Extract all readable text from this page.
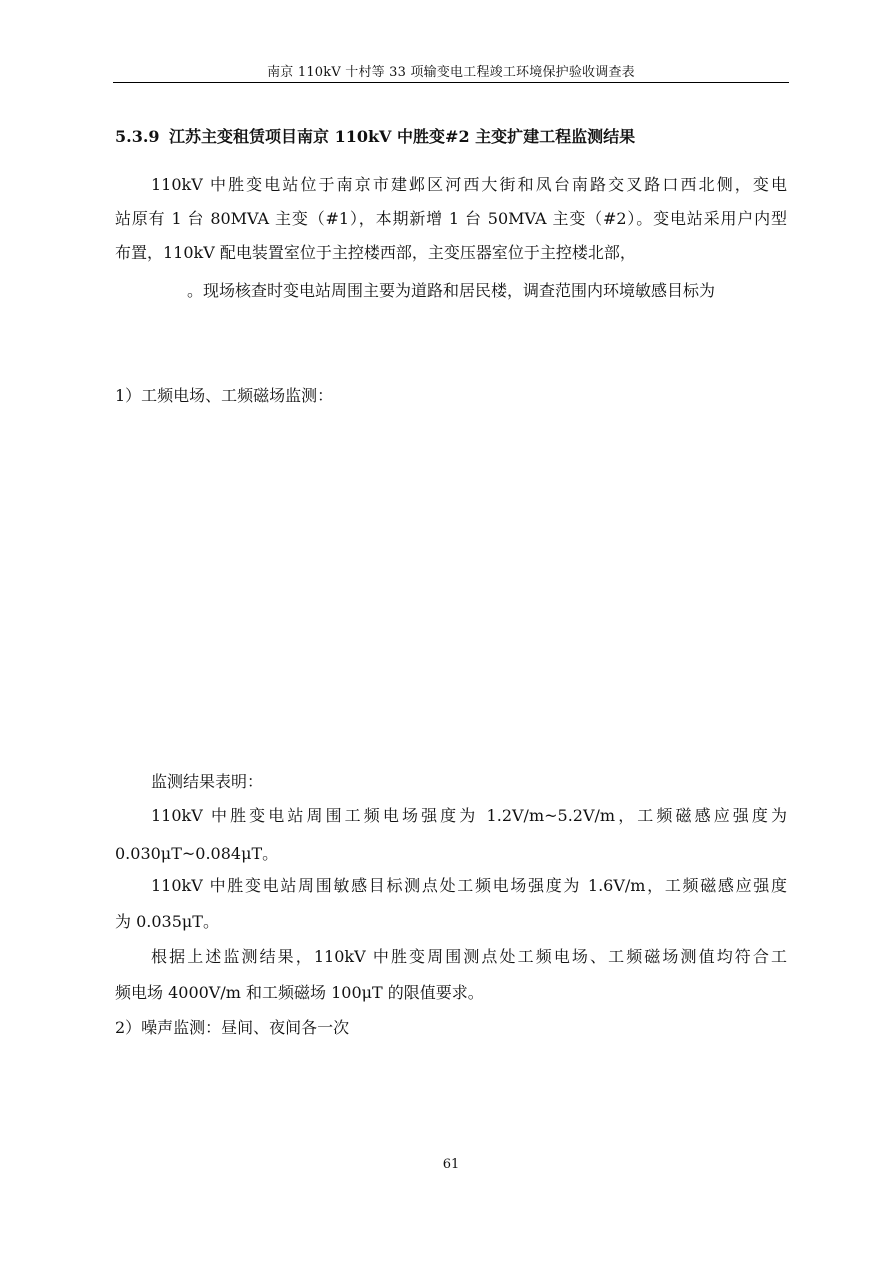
南京 110kV 十村等 33 项输变电工程竣工环境保护验收调查表
5.3.9 江苏主变租赁项目南京 110kV 中胜变#2 主变扩建工程监测结果
110kV 中胜变电站位于南京市建邺区河西大街和凤台南路交叉路口西北侧，变电
站原有 1 台 80MVA 主变（#1），本期新增 1 台 50MVA 主变（#2）。变电站采用户内型
布置，110kV 配电装置室位于主控楼西部，主变压器室位于主控楼北部，
。现场核查时变电站周围主要为道路和居民楼，调查范围内环境敏感目标为
1）工频电场、工频磁场监测：
监测结果表明：
110kV 中胜变电站周围工频电场强度为 1.2V/m~5.2V/m，工频磁感应强度为
0.030μT~0.084μT。
110kV 中胜变电站周围敏感目标测点处工频电场强度为 1.6V/m，工频磁感应强度
为 0.035μT。
根据上述监测结果，110kV 中胜变周围测点处工频电场、工频磁场测值均符合工
频电场 4000V/m 和工频磁场 100μT 的限值要求。
2）噪声监测：昼间、夜间各一次
61
